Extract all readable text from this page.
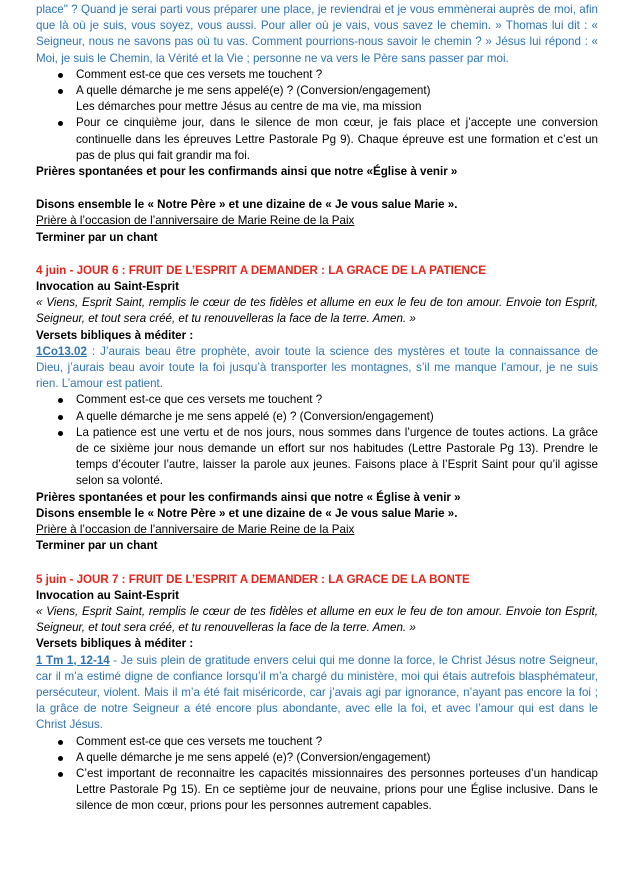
place" ? Quand je serai parti vous préparer une place, je reviendrai et je vous emmènerai auprès de moi, afin que là où je suis, vous soyez, vous aussi. Pour aller où je vais, vous savez le chemin. » Thomas lui dit : « Seigneur, nous ne savons pas où tu vas. Comment pourrions-nous savoir le chemin ? » Jésus lui répond : « Moi, je suis le Chemin, la Vérité et la Vie ; personne ne va vers le Père sans passer par moi.

Comment est-ce que ces versets me touchent ?
A quelle démarche je me sens appelé(e) ? (Conversion/engagement)
Les démarches pour mettre Jésus au centre de ma vie, ma mission
Pour ce cinquième jour, dans le silence de mon cœur, je fais place et j’accepte une conversion continuelle dans les épreuves Lettre Pastorale Pg 9). Chaque épreuve est une formation et c’est un pas de plus qui fait grandir ma foi.

Prières spontanées et pour les confirmands ainsi que notre «Église à venir »

Disons ensemble le « Notre Père » et une dizaine de « Je vous salue Marie ».

Prière à l’occasion de l’anniversaire de Marie Reine de la Paix

Terminer par un chant

4 juin - JOUR 6 : FRUIT DE L’ESPRIT A DEMANDER : LA GRACE DE LA PATIENCE

Invocation au Saint-Esprit

« Viens, Esprit Saint, remplis le cœur de tes fidèles et allume en eux le feu de ton amour. Envoie ton Esprit, Seigneur, et tout sera créé, et tu renouvelleras la face de la terre. Amen. »

Versets bibliques à méditer :

1Co13.02 : J’aurais beau être prophète, avoir toute la science des mystères et toute la connaissance de Dieu, j’aurais beau avoir toute la foi jusqu’à transporter les montagnes, s’il me manque l’amour, je ne suis rien. L’amour est patient.

Comment est-ce que ces versets me touchent ?
A quelle démarche je me sens appelé (e) ? (Conversion/engagement)
La patience est une vertu et de nos jours, nous sommes dans l’urgence de toutes actions. La grâce de ce sixième jour nous demande un effort sur nos habitudes (Lettre Pastorale Pg 13). Prendre le temps d’écouter l’autre, laisser la parole aux jeunes. Faisons place à l’Esprit Saint pour qu’il agisse selon sa volonté.

Prières spontanées et pour les confirmands ainsi que notre « Église à venir »

Disons ensemble le « Notre Père » et une dizaine de « Je vous salue Marie ».

Prière à l’occasion de l’anniversaire de Marie Reine de la Paix

Terminer par un chant

5 juin - JOUR 7 : FRUIT DE L’ESPRIT A DEMANDER : LA GRACE DE LA BONTE

Invocation au Saint-Esprit

« Viens, Esprit Saint, remplis le cœur de tes fidèles et allume en eux le feu de ton amour. Envoie ton Esprit, Seigneur, et tout sera créé, et tu renouvelleras la face de la terre. Amen. »

Versets bibliques à méditer :

1 Tm 1, 12-14 - Je suis plein de gratitude envers celui qui me donne la force, le Christ Jésus notre Seigneur, car il m’a estimé digne de confiance lorsqu’il m’a chargé du ministère, moi qui étais autrefois blasphémateur, persécuteur, violent. Mais il m’a été fait miséricorde, car j’avais agi par ignorance, n’ayant pas encore la foi ; la grâce de notre Seigneur a été encore plus abondante, avec elle la foi, et avec l’amour qui est dans le Christ Jésus.

Comment est-ce que ces versets me touchent ?
A quelle démarche je me sens appelé (e)? (Conversion/engagement)
C’est important de reconnaitre les capacités missionnaires des personnes porteuses d’un handicap Lettre Pastorale Pg 15). En ce septième jour de neuvaine, prions pour une Église inclusive. Dans le silence de mon cœur, prions pour les personnes autrement capables.
